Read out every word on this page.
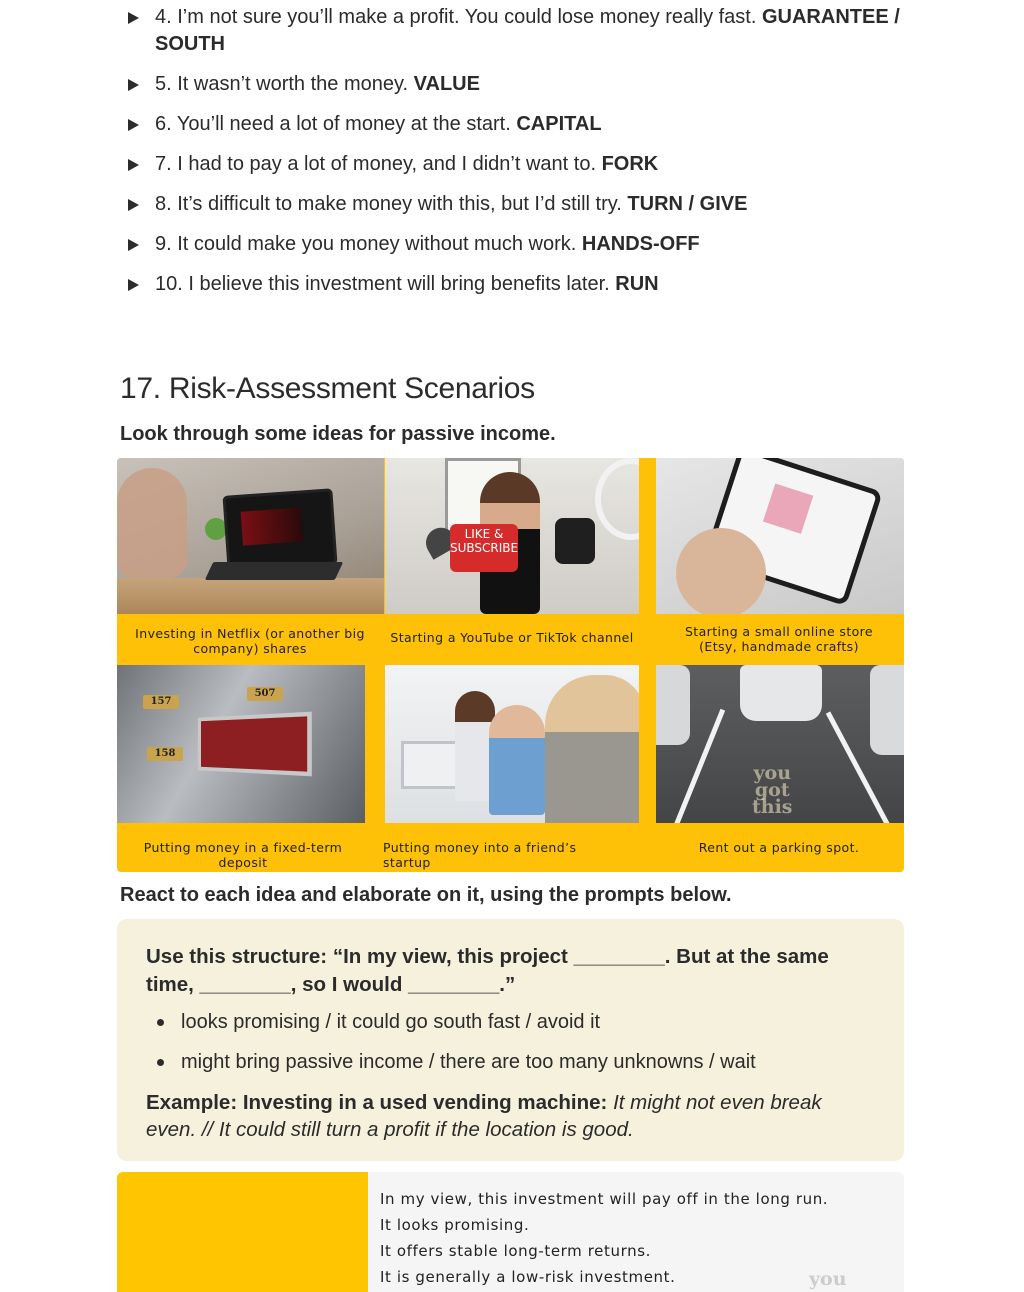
4. I’m not sure you’ll make a profit. You could lose money really fast. GUARANTEE / SOUTH
5. It wasn’t worth the money. VALUE
6. You’ll need a lot of money at the start. CAPITAL
7. I had to pay a lot of money, and I didn’t want to. FORK
8. It’s difficult to make money with this, but I’d still try. TURN / GIVE
9. It could make you money without much work. HANDS-OFF
10. I believe this investment will bring benefits later. RUN
17. Risk-Assessment Scenarios

Look through some ideas for passive income.

Investing in Netflix (or another big company) shares
LIKE & SUBSCRIBE
Starting a YouTube or TikTok channel	Starting a small online store (Etsy, handmade crafts)
157
507
158
Putting money in a fixed-term deposit
Putting money into a friend’s startup
you
got
this
Rent out a parking spot.

React to each idea and elaborate on it, using the prompts below.

Use this structure: “In my view, this project ________. But at the same time, ________, so I would ________.”

looks promising / it could go south fast / avoid it
might bring passive income / there are too many unknowns / wait

Example: Investing in a used vending machine: It might not even break even. // It could still turn a profit if the location is good.

In my view, this investment will pay off in the long run.
It looks promising.
It offers stable long-term returns.
It is generally a low-risk investment.	you
